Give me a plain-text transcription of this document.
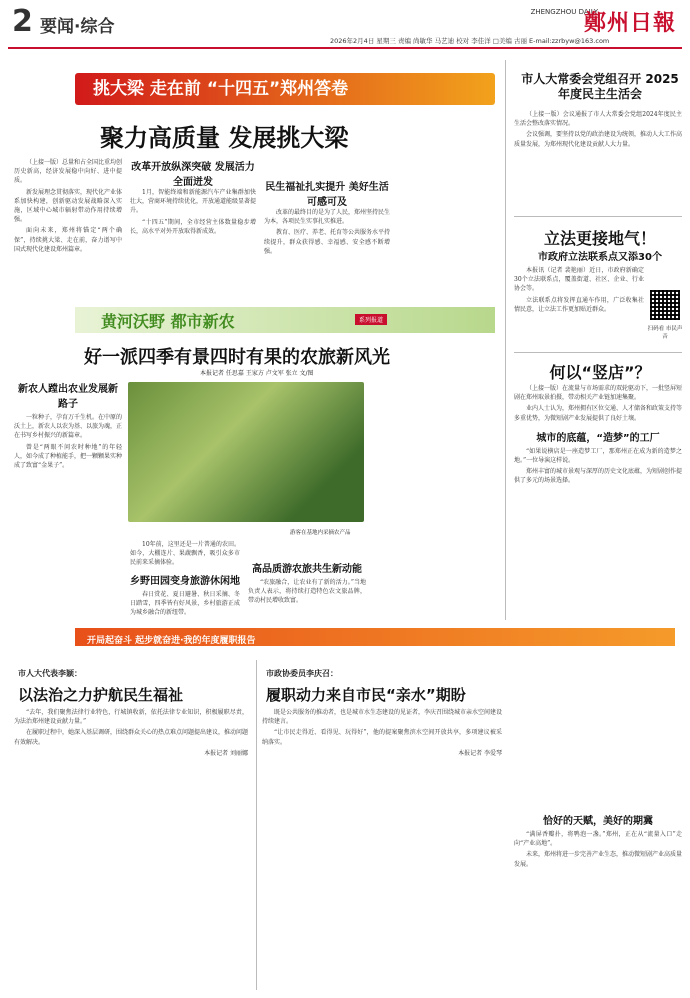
2 要闻·综合
ZHENGZHOU DAILY
鄭州日報
2026年2月4日 星期三 责编 尚敏华 马艺迪 校对 李佳洋 □美编 古丽 E-mail:zzrbyw@163.com
挑大梁 走在前 “十四五”郑州答卷
聚力高质量 发展挑大梁

（上接一版）总量和占全国比重均创历史新高，经济发展稳中向好、进中提质。

新发展理念贯彻落实，现代化产业体系加快构建，创新驱动发展战略深入实施，区域中心城市辐射带动作用持续增强。

面向未来，郑州将锚定“两个确保”，持续挑大梁、走在前，奋力谱写中国式现代化建设郑州篇章。

改革开放纵深突破 发展活力全面迸发

1月，智能终端和新能源汽车产业集群加快壮大，营商环境持续优化，开放通道能级显著提升。

“十四五”期间，全市经营主体数量稳步增长，高水平对外开放取得新成效。

民生福祉扎实提升 美好生活可感可及

改革的最终目的是为了人民，郑州坚持民生为本，各项民生实事扎实推进。

教育、医疗、养老、托育等公共服务水平持续提升，群众获得感、幸福感、安全感不断增强。

市人大常委会党组召开 2025年度民主生活会

（上接一版）会议通报了市人大常委会党组2024年度民主生活会整改落实情况。

会议强调，要坚持以党的政治建设为统领，推动人大工作高质量发展，为郑州现代化建设贡献人大力量。

立法更接地气！
市政府立法联系点又添30个

本报讯（记者 裴艳丽）近日，市政府新确定30个立法联系点，覆盖街道、社区、企业、行业协会等。

立法联系点将发挥直通车作用，广泛收集社情民意，让立法工作更加贴近群众。

扫码看 市民声音
何以“竖店”？

（上接一版）在流量与市场需求的双轮驱动下，一批竖屏短剧在郑州取景拍摄，带动相关产业链加速集聚。

业内人士认为，郑州拥有区位交通、人才储备和政策支持等多重优势，为微短剧产业发展提供了良好土壤。

城市的底蕴，“造梦”的工厂

“如果说横店是一座造梦工厂，那郑州正在成为新的造梦之地。”一位导演这样说。

郑州丰富的城市景观与深厚的历史文化底蕴，为短剧创作提供了多元的场景选择。

黄河沃野 都市新农	系列报道
好一派四季有景四时有果的农旅新风光
本报记者 任思嘉 王家方 卢文军 张立 文/图
新农人蹚出农业发展新路子

一粒种子，孕育万千生机。在中原的沃土上，新农人以农为基、以旅为魂，正在书写乡村振兴的新篇章。

曾是“两眼不问农时种地”的年轻人，如今成了种植能手，把一颗颗果实种成了致富“金果子”。

游客在基地内采摘农产品

10年前，这里还是一片普通的农田。如今，大棚连片、果蔬飘香，吸引众多市民前来采摘体验。

乡野田园变身旅游休闲地

春日赏花、夏日避暑、秋日采摘、冬日踏雪，四季皆有好风景，乡村旅游正成为城乡融合的新纽带。

高品质游农旅共生新动能

“农旅融合，让农业有了新的活力。”当地负责人表示，将持续打造特色农文旅品牌，带动村民增收致富。

开局起奋斗 起步就奋进·我的年度履职报告
市人大代表李颖：
以法治之力护航民生福祉

“去年，我们聚焦法律行业特色，行城镇收新，依托法律专业知识，积极履职尽责，为法治郑州建设贡献力量。”

在履职过程中，她深入基层调研，围绕群众关心的热点难点问题提出建议，推动问题有效解决。

本报记者 刘丽娜

市政协委员李庆召：
履职动力来自市民“亲水”期盼

既是公共服务的推动者，也是城市水生态建设的见证者，李庆召围绕城市亲水空间建设持续建言。

“让市民走得近、看得见、玩得好”，他的提案聚焦滨水空间开放共享，多项建议被采纳落实。

本报记者 李爱琴

恰好的天赋，美好的期冀

“满屏香瓣扑，将鸭泡一盏。”郑州，正在从“流量入口”走向“产业高地”。

未来，郑州将进一步完善产业生态，推动微短剧产业高质量发展。
